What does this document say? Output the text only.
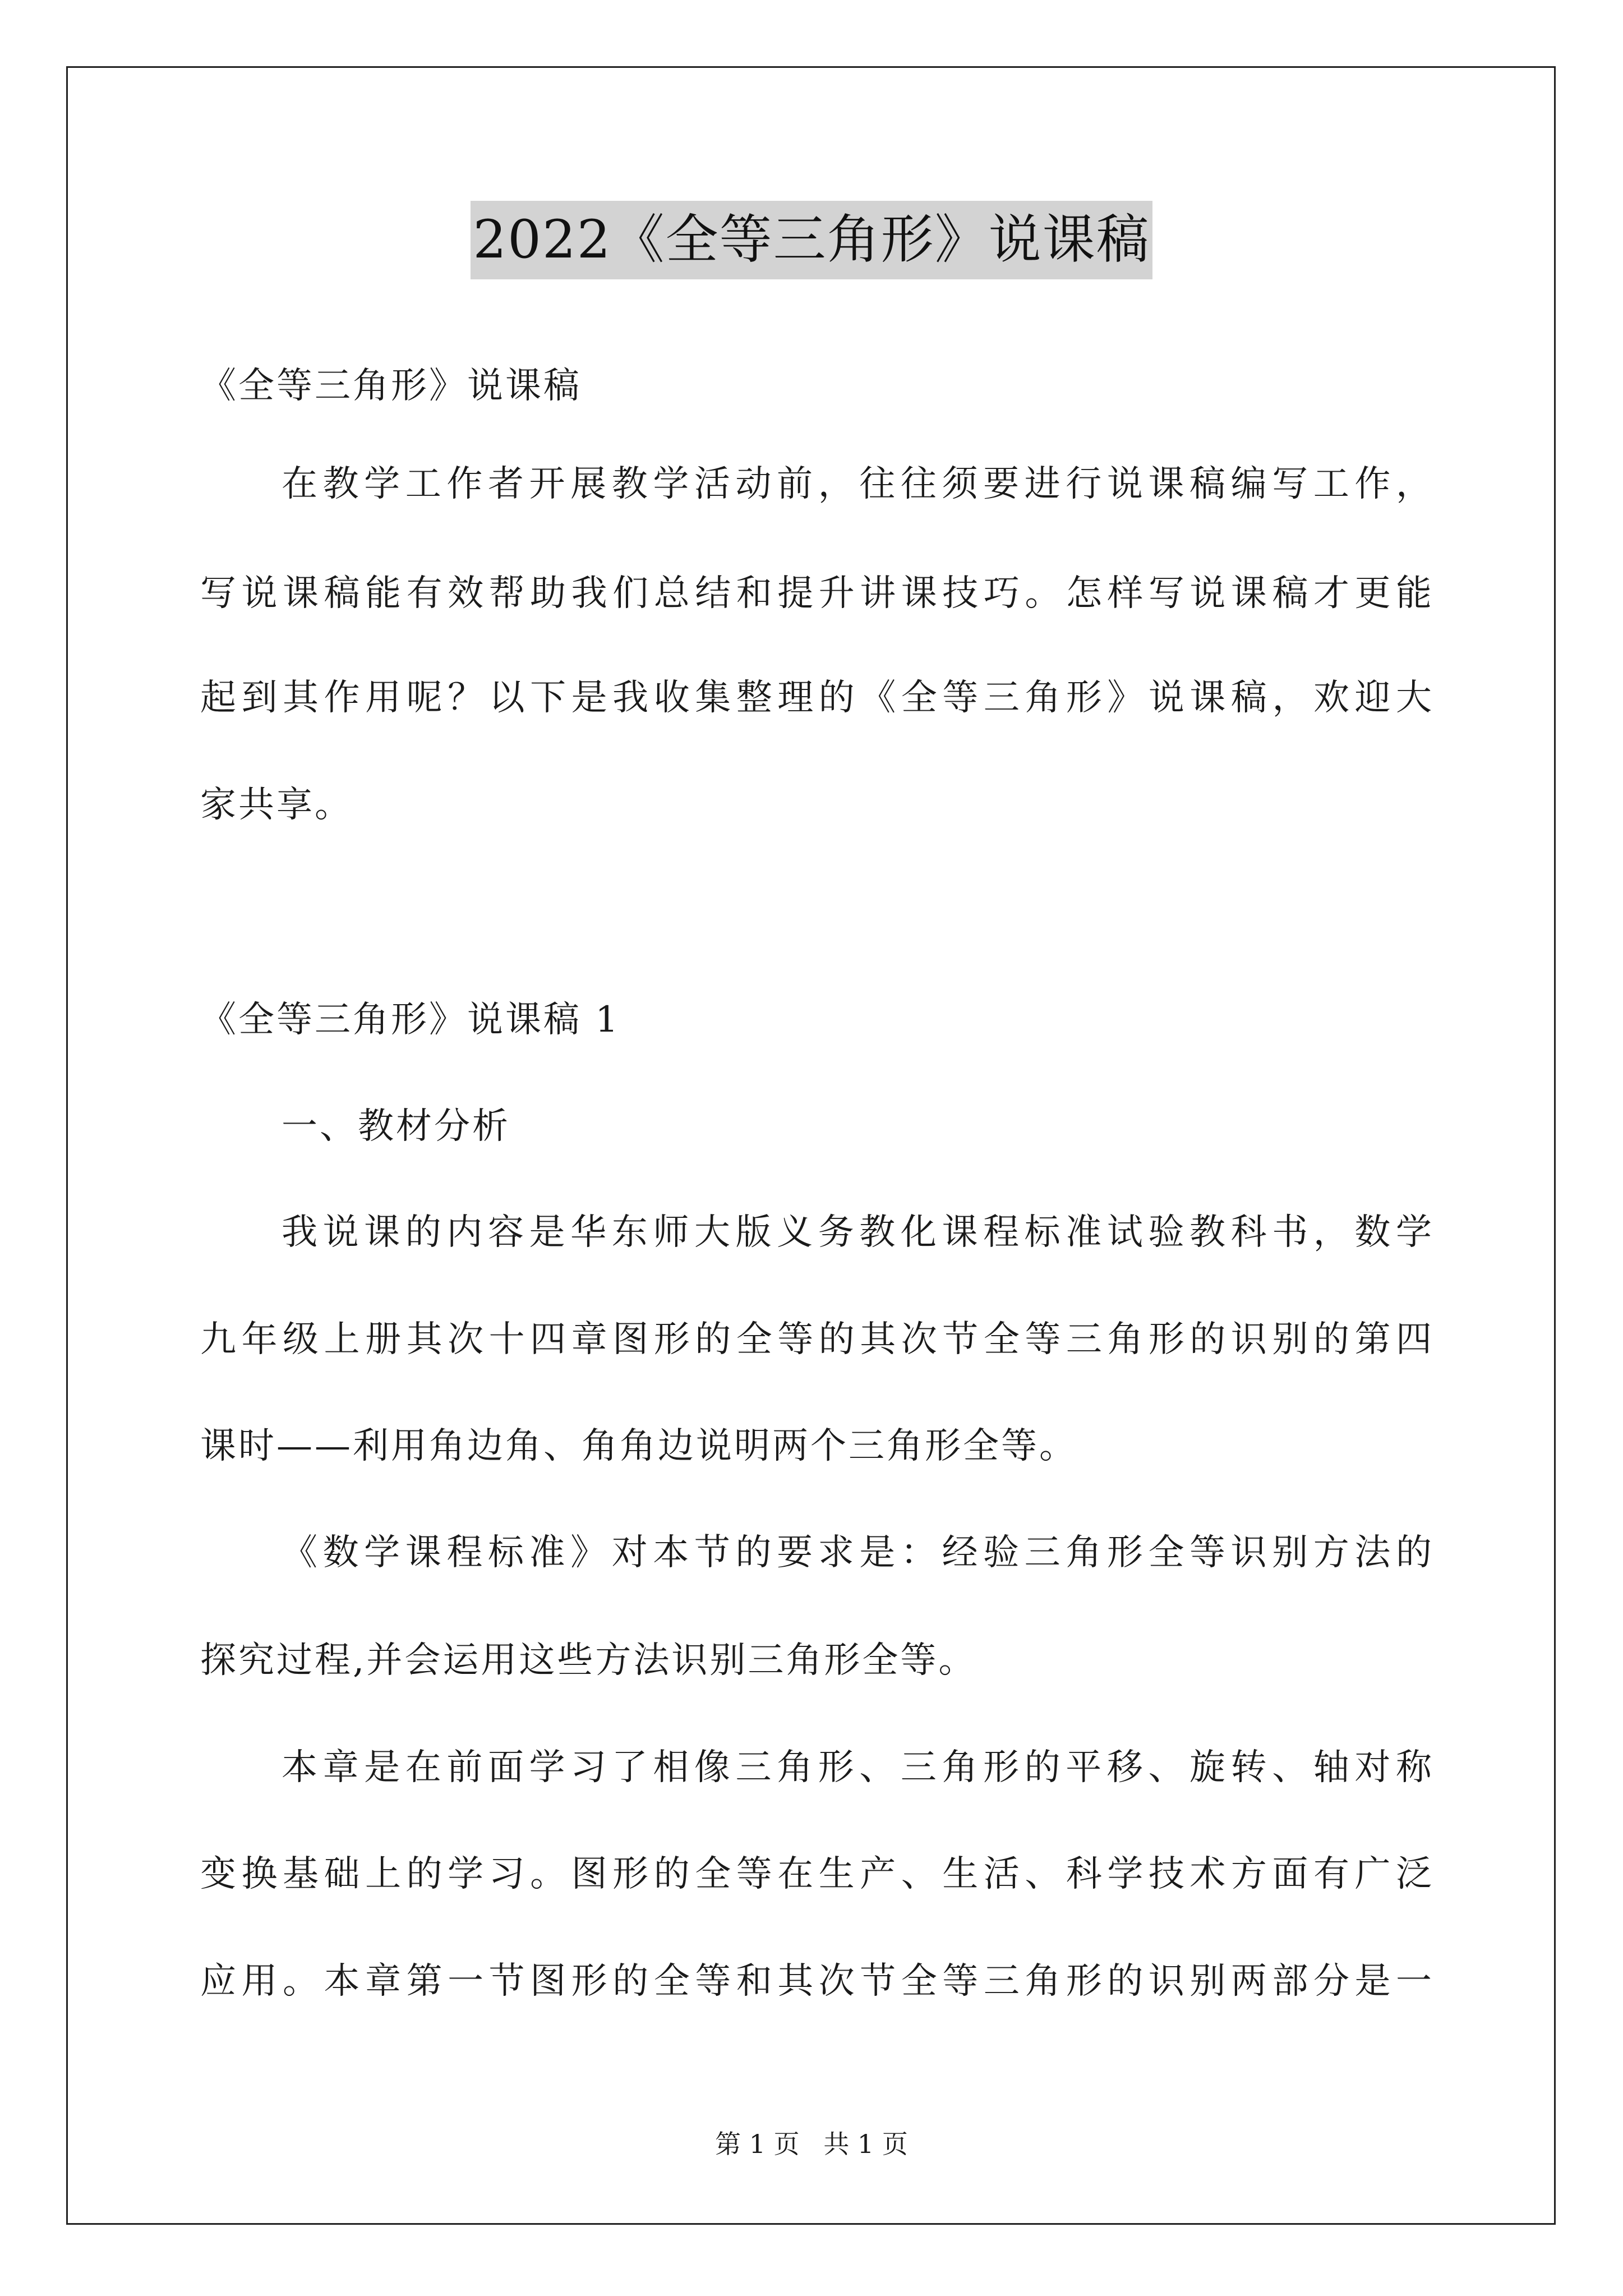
2022《全等三角形》说课稿
《全等三角形》说课稿
在教学工作者开展教学活动前，往往须要进行说课稿编写工作，
写说课稿能有效帮助我们总结和提升讲课技巧。怎样写说课稿才更能
起到其作用呢？以下是我收集整理的《全等三角形》说课稿，欢迎大
家共享。
《全等三角形》说课稿 1
一、教材分析
我说课的内容是华东师大版义务教化课程标准试验教科书，数学
九年级上册其次十四章图形的全等的其次节全等三角形的识别的第四
课时——利用角边角、角角边说明两个三角形全等。
《数学课程标准》对本节的要求是：经验三角形全等识别方法的
探究过程,并会运用这些方法识别三角形全等。
本章是在前面学习了相像三角形、三角形的平移、旋转、轴对称
变换基础上的学习。图形的全等在生产、生活、科学技术方面有广泛
应用。本章第一节图形的全等和其次节全等三角形的识别两部分是一
第 1 页 共 1 页
